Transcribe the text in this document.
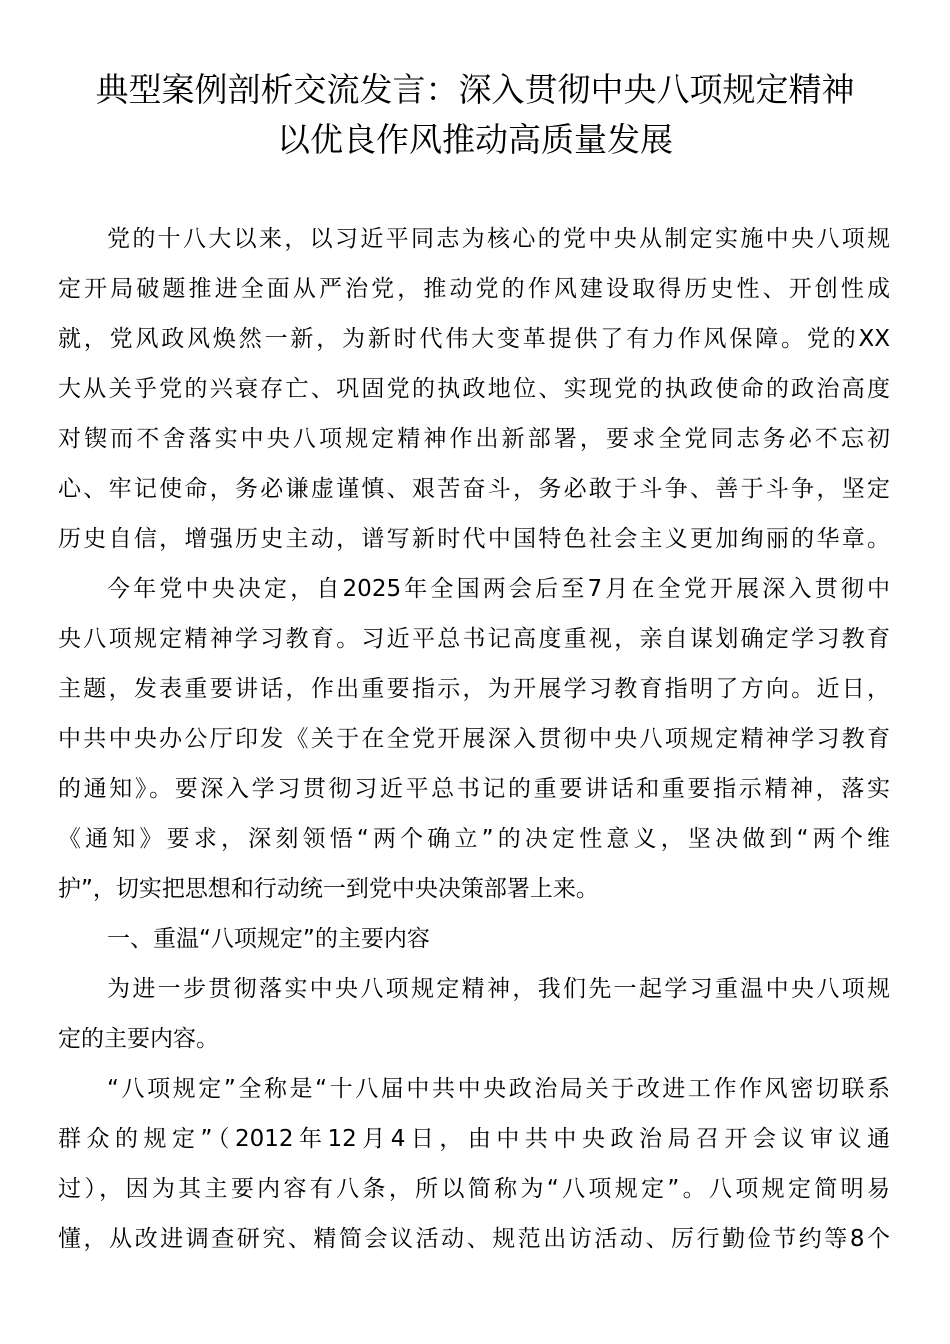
典型案例剖析交流发言：深入贯彻中央八项规定精神
以优良作风推动高质量发展
党的十八大以来，以习近平同志为核心的党中央从制定实施中央八项规
定开局破题推进全面从严治党，推动党的作风建设取得历史性、开创性成
就，党风政风焕然一新，为新时代伟大变革提供了有力作风保障。党的XX
大从关乎党的兴衰存亡、巩固党的执政地位、实现党的执政使命的政治高度
对锲而不舍落实中央八项规定精神作出新部署，要求全党同志务必不忘初
心、牢记使命，务必谦虚谨慎、艰苦奋斗，务必敢于斗争、善于斗争，坚定
历史自信，增强历史主动，谱写新时代中国特色社会主义更加绚丽的华章。
今年党中央决定，自2025年全国两会后至7月在全党开展深入贯彻中
央八项规定精神学习教育。习近平总书记高度重视，亲自谋划确定学习教育
主题，发表重要讲话，作出重要指示，为开展学习教育指明了方向。近日，
中共中央办公厅印发《关于在全党开展深入贯彻中央八项规定精神学习教育
的通知》。要深入学习贯彻习近平总书记的重要讲话和重要指示精神，落实
《通知》要求，深刻领悟“两个确立”的决定性意义，坚决做到“两个维
护”，切实把思想和行动统一到党中央决策部署上来。
一、重温“八项规定”的主要内容
为进一步贯彻落实中央八项规定精神，我们先一起学习重温中央八项规
定的主要内容。
“八项规定”全称是“十八届中共中央政治局关于改进工作作风密切联系
群众的规定”（2012年12月4日，由中共中央政治局召开会议审议通
过），因为其主要内容有八条，所以简称为“八项规定”。八项规定简明易
懂，从改进调查研究、精简会议活动、规范出访活动、厉行勤俭节约等8个
